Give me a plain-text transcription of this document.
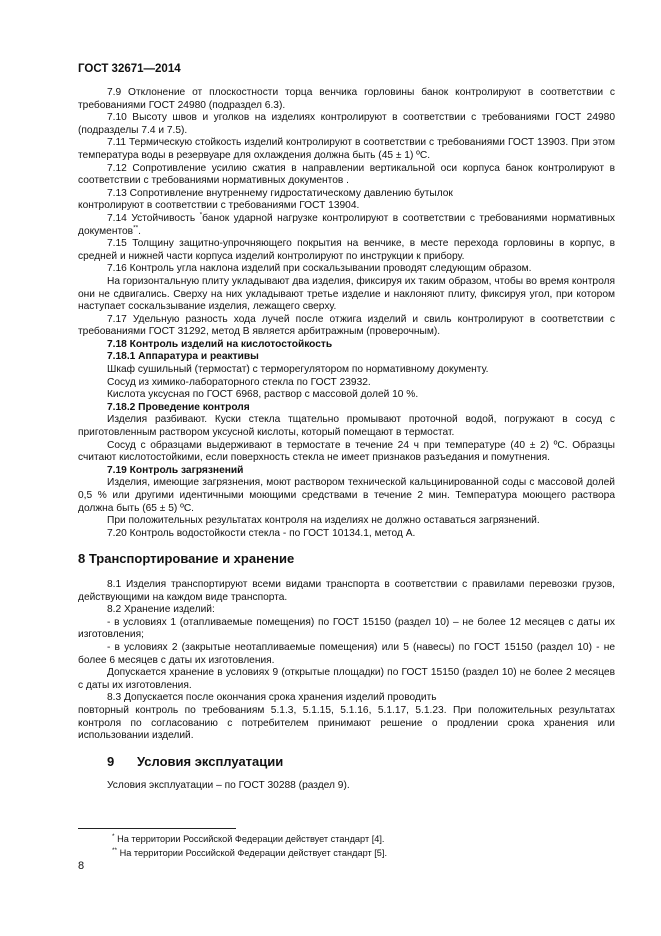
ГОСТ 32671—2014

7.9 Отклонение от плоскостности торца венчика горловины банок контролируют в соответствии с требованиями ГОСТ 24980 (подраздел 6.3).

7.10 Высоту швов и уголков на изделиях контролируют в соответствии с требованиями ГОСТ 24980 (подразделы 7.4 и 7.5).

7.11 Термическую стойкость изделий контролируют в соответствии с требованиями ГОСТ 13903. При этом температура воды в резервуаре для охлаждения должна быть (45 ± 1) ºС.

7.12 Сопротивление усилию сжатия в направлении вертикальной оси корпуса банок контролируют в соответствии с требованиями нормативных документов .

7.13 Сопротивление внутреннему гидростатическому давлению бутылок

контролируют в соответствии с требованиями ГОСТ 13904.

7.14 Устойчивость *банок ударной нагрузке контролируют в соответствии с требованиями нормативных документов**.

7.15 Толщину защитно-упрочняющего покрытия на венчике, в месте перехода горловины в корпус, в средней и нижней части корпуса изделий контролируют по инструкции к прибору.

7.16 Контроль угла наклона изделий при соскальзывании проводят следующим образом.

На горизонтальную плиту укладывают два изделия, фиксируя их таким образом, чтобы во время контроля они не сдвигались. Сверху на них укладывают третье изделие и наклоняют плиту, фиксируя угол, при котором наступает соскальзывание изделия, лежащего сверху.

7.17 Удельную разность хода лучей после отжига изделий и свиль контролируют в соответствии с требованиями ГОСТ 31292, метод В является арбитражным (проверочным).

7.18 Контроль изделий на кислотостойкость

7.18.1 Аппаратура и реактивы

Шкаф сушильный (термостат) с терморегулятором по нормативному документу.

Сосуд из химико-лабораторного стекла по ГОСТ 23932.

Кислота уксусная по ГОСТ 6968, раствор с массовой долей 10 %.

7.18.2 Проведение контроля

Изделия разбивают. Куски стекла тщательно промывают проточной водой, погружают в сосуд с приготовленным раствором уксусной кислоты, который помещают в термостат.

Сосуд с образцами выдерживают в термостате в течение 24 ч при температуре (40 ± 2) ºС. Образцы считают кислотостойкими, если поверхность стекла не имеет признаков разъедания и помутнения.

7.19 Контроль загрязнений

Изделия, имеющие загрязнения, моют раствором технической кальцинированной соды с массовой долей 0,5 % или другими идентичными моющими средствами в течение 2 мин. Температура моющего раствора должна быть (65 ± 5) ºС.

При положительных результатах контроля на изделиях не должно оставаться загрязнений.

7.20 Контроль водостойкости стекла - по ГОСТ 10134.1, метод А.

8 Транспортирование и хранение

8.1 Изделия транспортируют всеми видами транспорта в соответствии с правилами перевозки грузов, действующими на каждом виде транспорта.

8.2 Хранение изделий:

- в условиях 1 (отапливаемые помещения) по ГОСТ 15150 (раздел 10) – не более 12 месяцев с даты их изготовления;

- в условиях 2 (закрытые неотапливаемые помещения) или 5 (навесы) по ГОСТ 15150 (раздел 10) - не более 6 месяцев с даты их изготовления.

Допускается хранение в условиях 9 (открытые площадки) по ГОСТ 15150 (раздел 10) не более 2 месяцев с даты их изготовления.

8.3 Допускается после окончания срока хранения изделий проводить

повторный контроль по требованиям 5.1.3, 5.1.15, 5.1.16, 5.1.17, 5.1.23. При положительных результатах контроля по согласованию с потребителем принимают решение о продлении срока хранения или использовании изделий.

9 Условия эксплуатации

Условия эксплуатации – по ГОСТ 30288 (раздел 9).

* На территории Российской Федерации действует стандарт [4].
** На территории Российской Федерации действует стандарт [5].
8
